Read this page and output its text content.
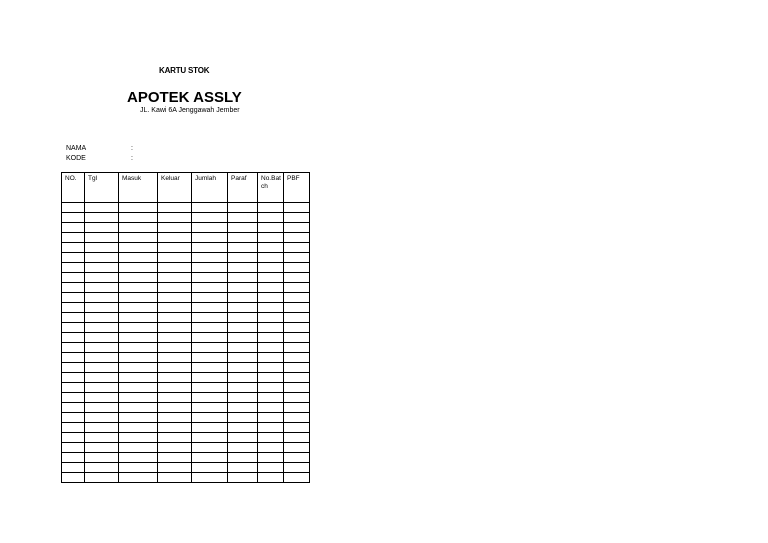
KARTU STOK
APOTEK ASSLY
JL. Kawi 6A Jenggawah Jember
NAMA	:
KODE	:
NO.	Tgl	Masuk	Keluar	Jumlah	Paraf	No.Batch	PBF
